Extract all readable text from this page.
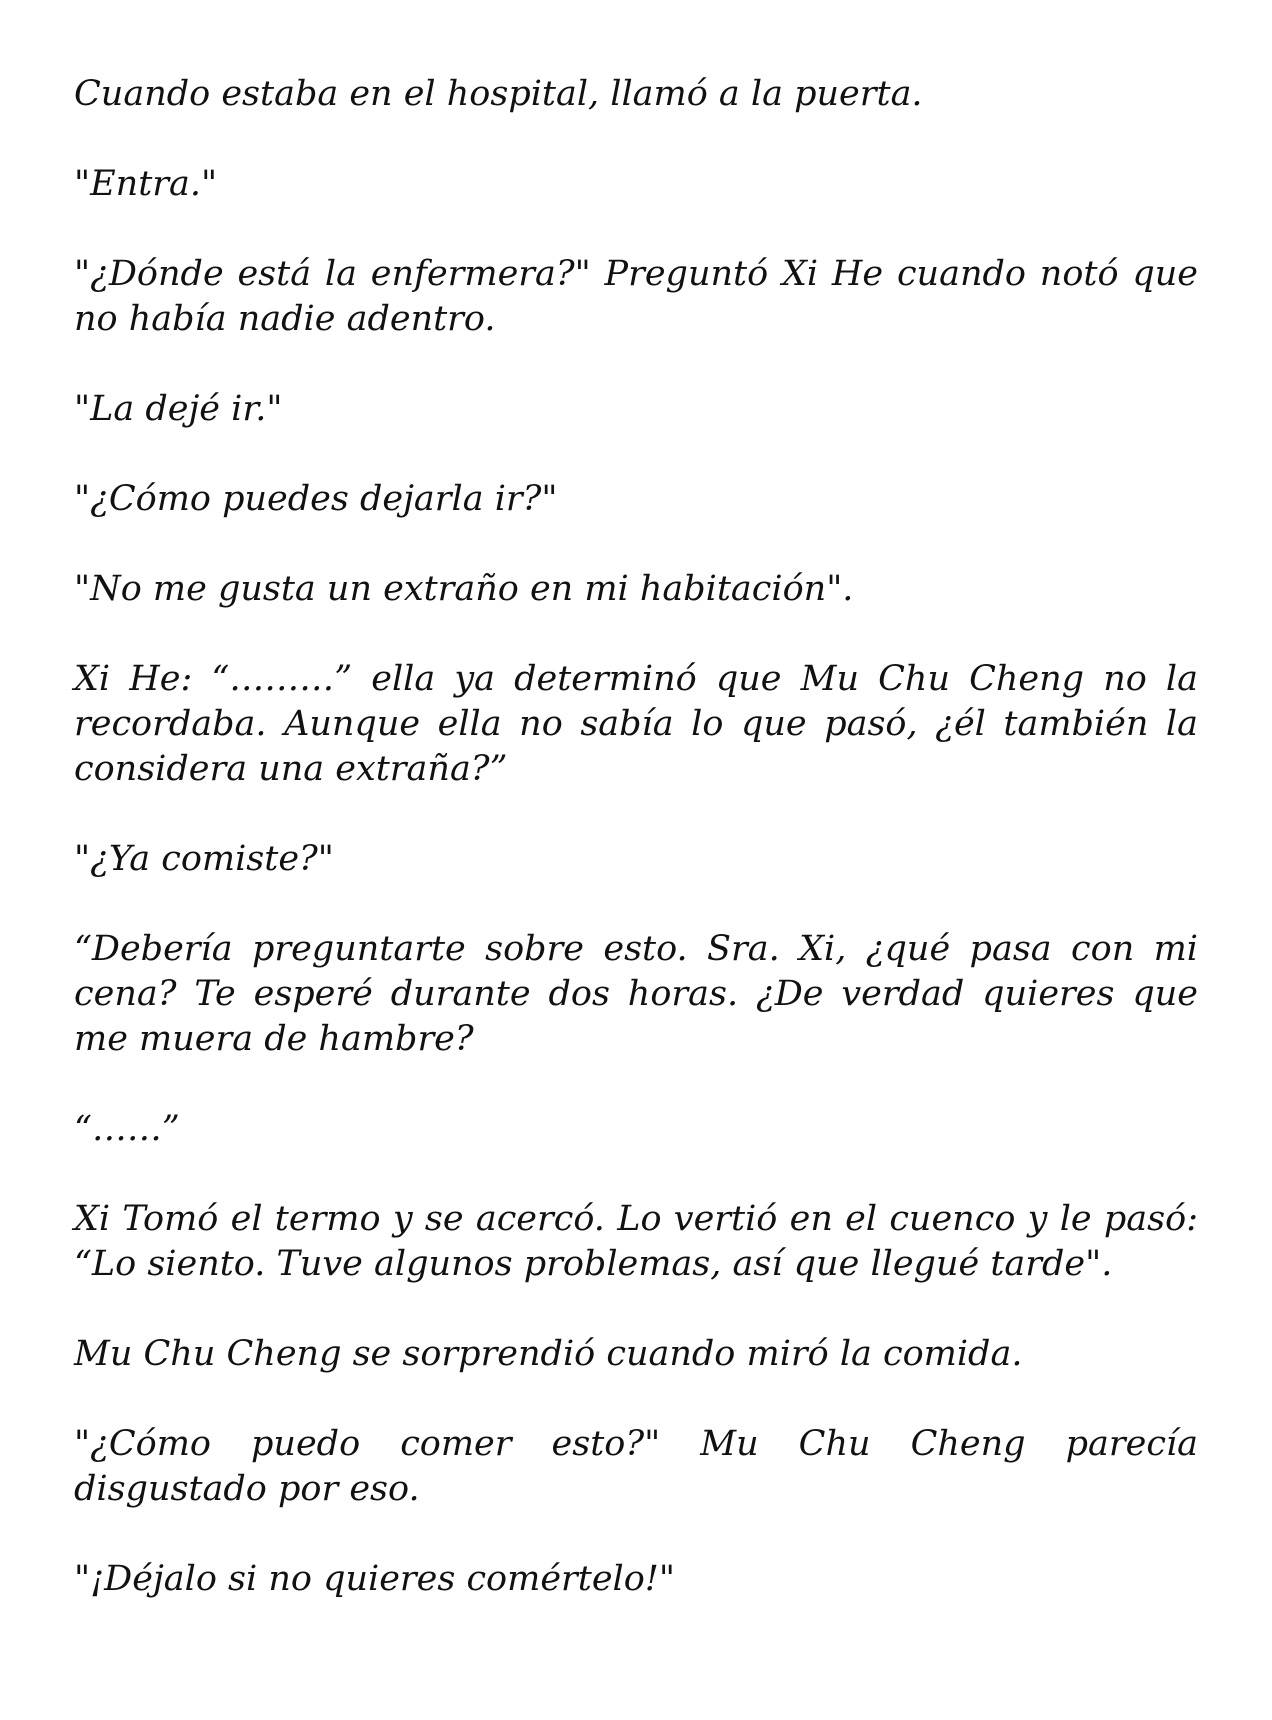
Cuando estaba en el hospital, llamó a la puerta.

"Entra."

"¿Dónde está la enfermera?" Preguntó Xi He cuando notó que no había nadie adentro.

"La dejé ir."

"¿Cómo puedes dejarla ir?"

"No me gusta un extraño en mi habitación".

Xi He: “………” ella ya determinó que Mu Chu Cheng no la recordaba. Aunque ella no sabía lo que pasó, ¿él también la considera una extraña?”

"¿Ya comiste?"

“Debería preguntarte sobre esto. Sra. Xi, ¿qué pasa con mi cena? Te esperé durante dos horas. ¿De verdad quieres que me muera de hambre?

“……”

Xi Tomó el termo y se acercó. Lo vertió en el cuenco y le pasó: “Lo siento. Tuve algunos problemas, así que llegué tarde".

Mu Chu Cheng se sorprendió cuando miró la comida.

"¿Cómo puedo comer esto?" Mu Chu Cheng parecía disgustado por eso.

"¡Déjalo si no quieres comértelo!"
